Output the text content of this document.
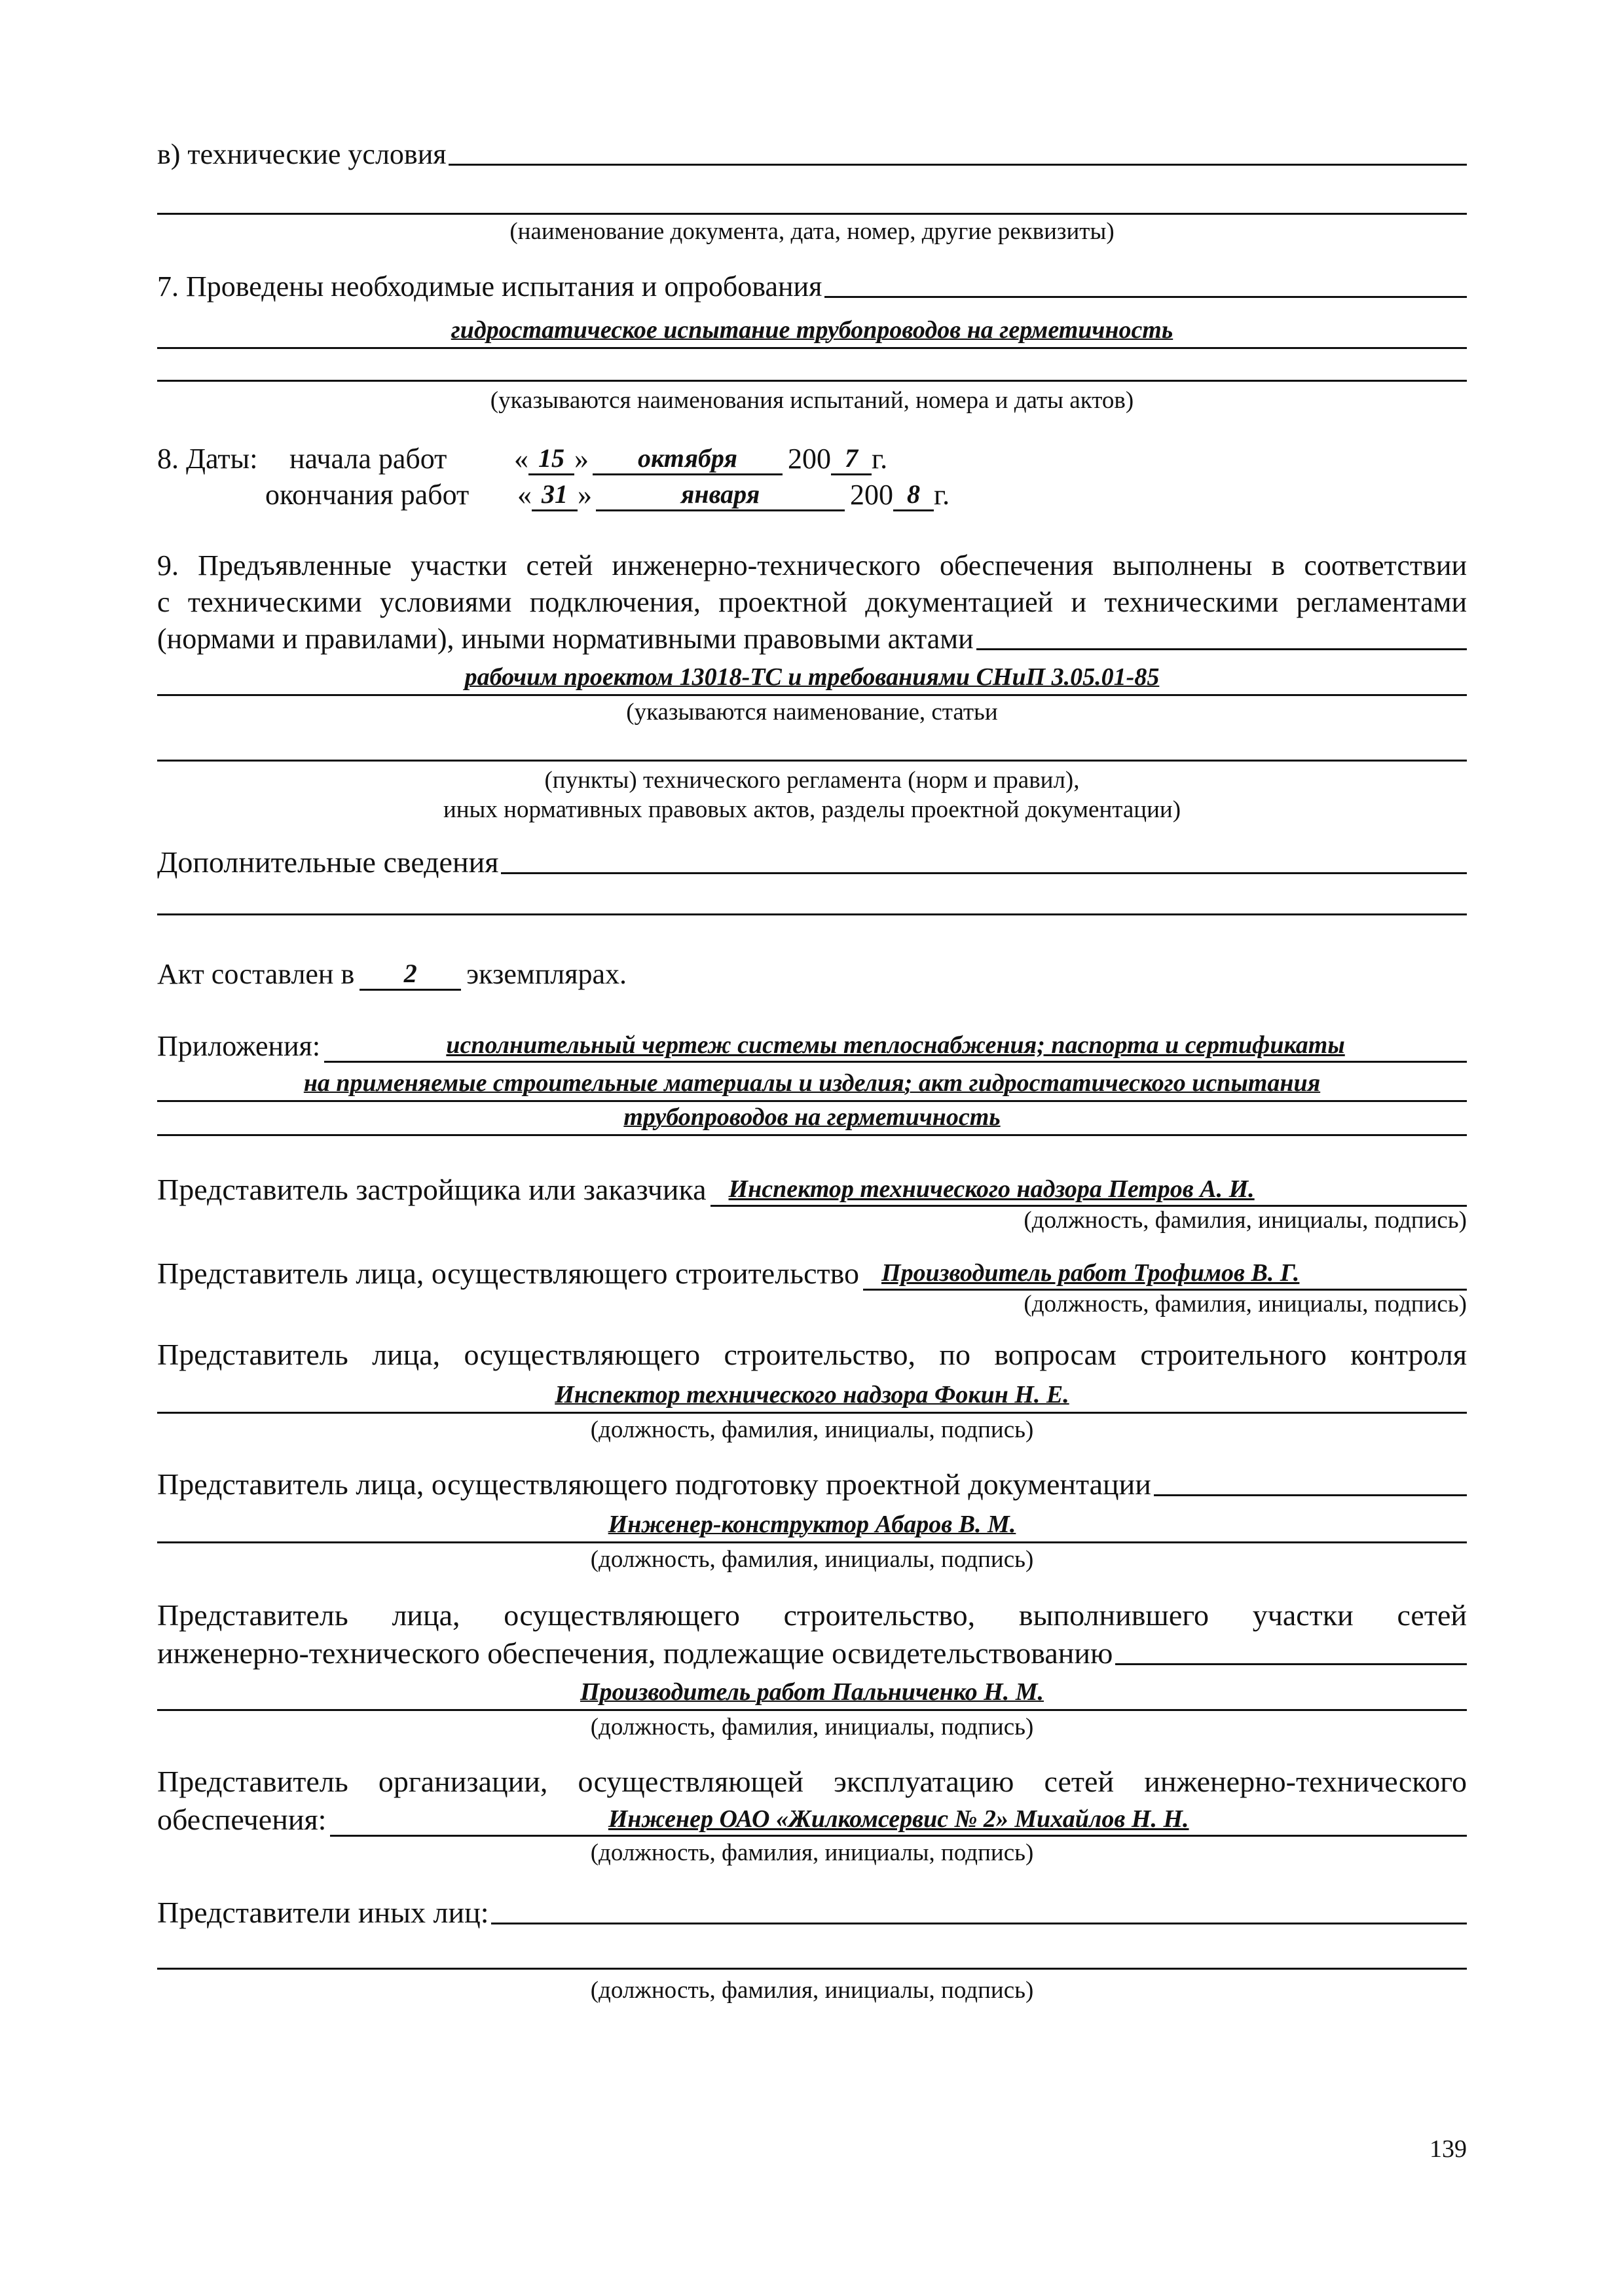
в) технические условия
(наименование документа, дата, номер, другие реквизиты)
7. Проведены необходимые испытания и опробования
гидростатическое испытание трубопроводов на герметичность
(указываются наименования испытаний, номера и даты актов)
8. Даты:	начала работ	« 15 »	октября	200 7 г.
окончания работ	« 31 »	января	200 8 г.
9. Предъявленные участки сетей инженерно-технического обеспечения выполнены в соответствии
с техническими условиями подключения, проектной документацией и техническими регламентами
(нормами и правилами), иными нормативными правовыми актами
рабочим проектом 13018-ТС и требованиями СНиП 3.05.01-85
(указываются наименование, статьи
(пункты) технического регламента (норм и правил),
иных нормативных правовых актов, разделы проектной документации)
Дополнительные сведения
Акт составлен в	2	экземплярах.
Приложения:	исполнительный чертеж системы теплоснабжения; паспорта и сертификаты
на применяемые строительные материалы и изделия; акт гидростатического испытания
трубопроводов на герметичность
Представитель застройщика или заказчика Инспектор технического надзора Петров А. И.
(должность, фамилия, инициалы, подпись)
Представитель лица, осуществляющего строительство Производитель работ Трофимов В. Г.
(должность, фамилия, инициалы, подпись)
Представитель лица, осуществляющего строительство, по вопросам строительного контроля
Инспектор технического надзора Фокин Н. Е.
(должность, фамилия, инициалы, подпись)
Представитель лица, осуществляющего подготовку проектной документации
Инженер-конструктор Абаров В. М.
(должность, фамилия, инициалы, подпись)
Представитель лица, осуществляющего строительство, выполнившего участки сетей
инженерно-технического обеспечения, подлежащие освидетельствованию
Производитель работ Пальниченко Н. М.
(должность, фамилия, инициалы, подпись)
Представитель организации, осуществляющей эксплуатацию сетей инженерно-технического
обеспечения:	Инженер ОАО «Жилкомсервис № 2» Михайлов Н. Н.
(должность, фамилия, инициалы, подпись)
Представители иных лиц:
(должность, фамилия, инициалы, подпись)
139
